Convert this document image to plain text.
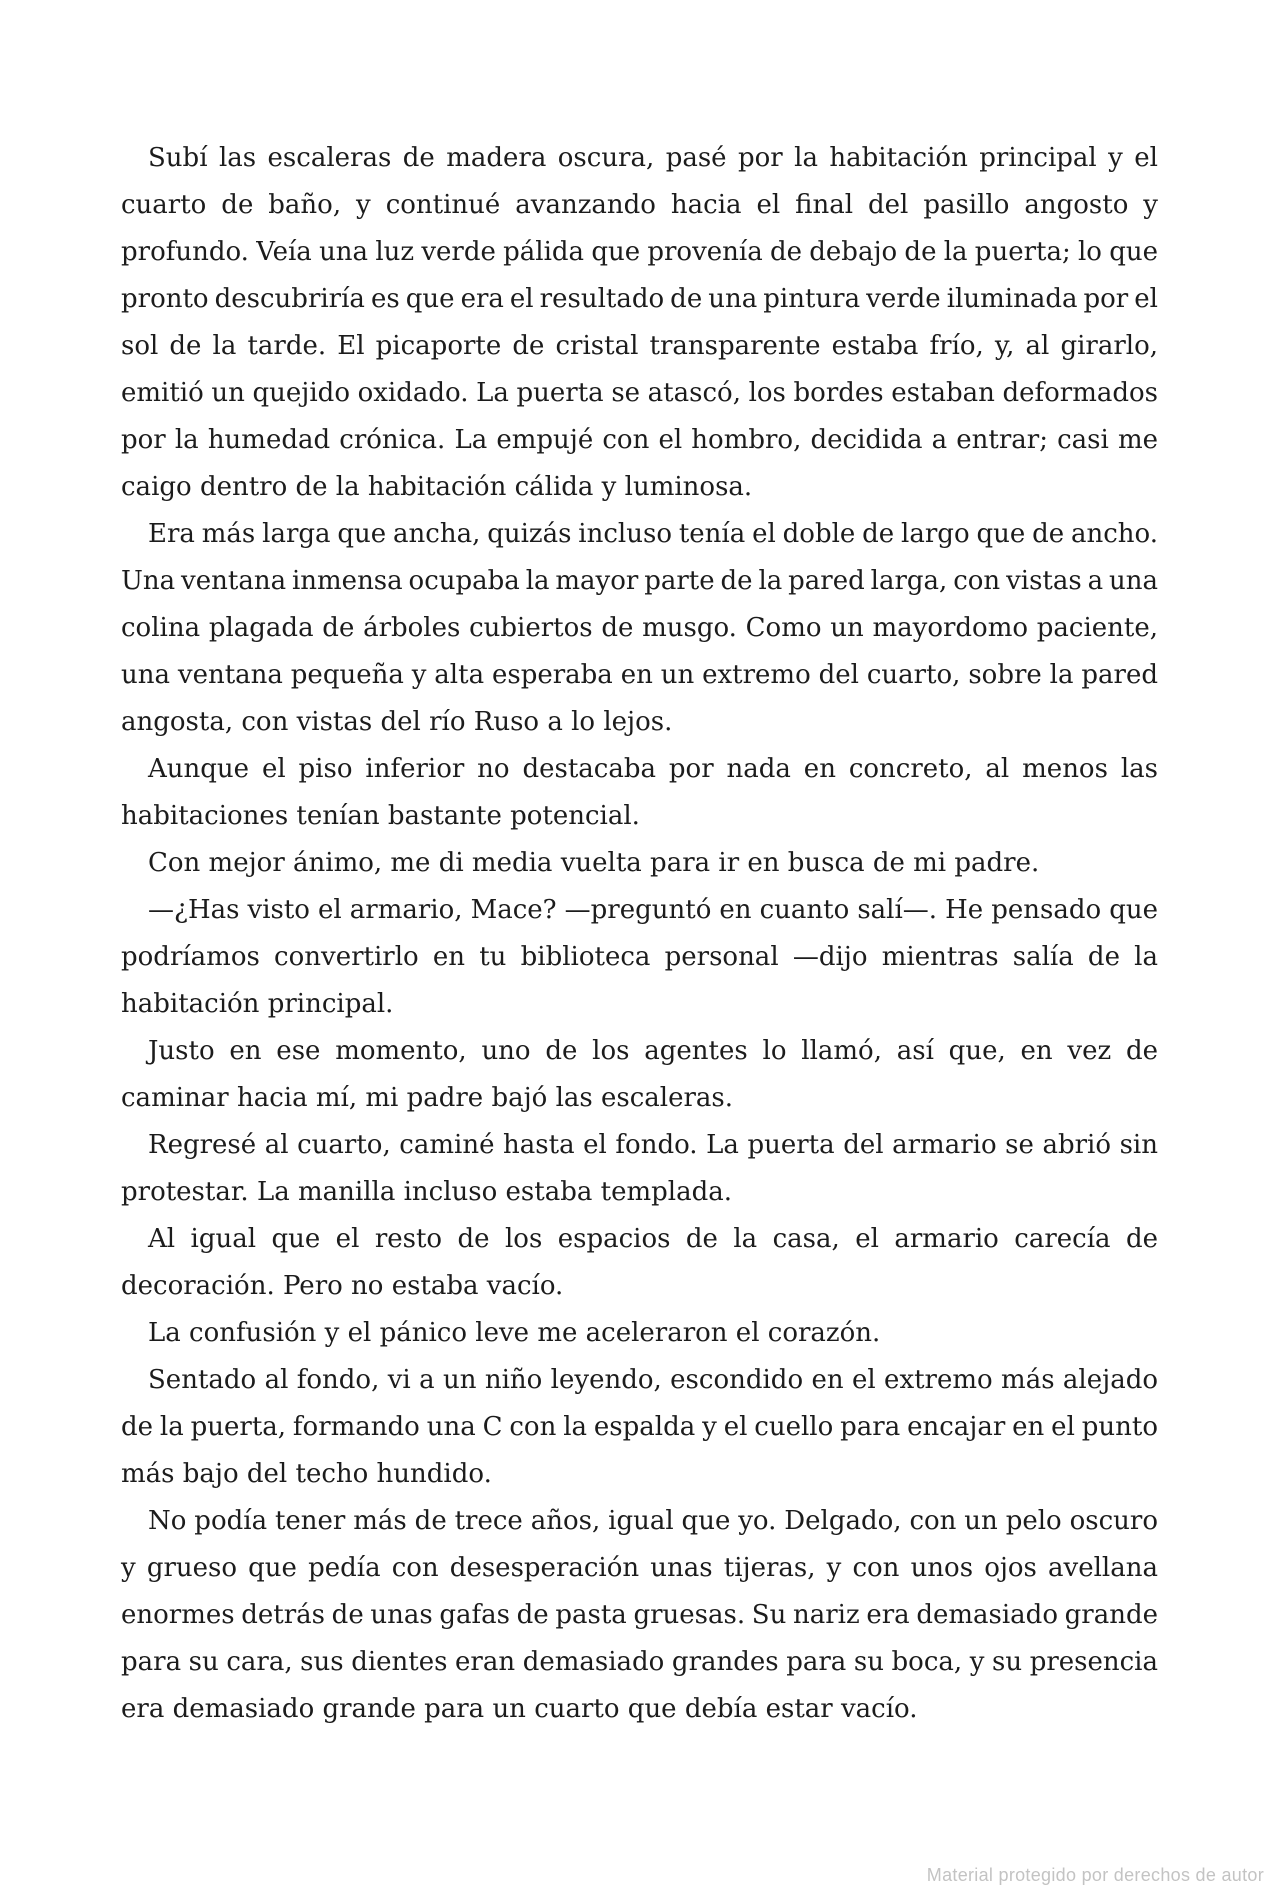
Subí las escaleras de madera oscura, pasé por la habitación principal y el
cuarto de baño, y continué avanzando hacia el final del pasillo angosto y
profundo. Veía una luz verde pálida que provenía de debajo de la puerta; lo que
pronto descubriría es que era el resultado de una pintura verde iluminada por el
sol de la tarde. El picaporte de cristal transparente estaba frío, y, al girarlo,
emitió un quejido oxidado. La puerta se atascó, los bordes estaban deformados
por la humedad crónica. La empujé con el hombro, decidida a entrar; casi me
caigo dentro de la habitación cálida y luminosa.
Era más larga que ancha, quizás incluso tenía el doble de largo que de ancho.
Una ventana inmensa ocupaba la mayor parte de la pared larga, con vistas a una
colina plagada de árboles cubiertos de musgo. Como un mayordomo paciente,
una ventana pequeña y alta esperaba en un extremo del cuarto, sobre la pared
angosta, con vistas del río Ruso a lo lejos.
Aunque el piso inferior no destacaba por nada en concreto, al menos las
habitaciones tenían bastante potencial.
Con mejor ánimo, me di media vuelta para ir en busca de mi padre.
—¿Has visto el armario, Mace? —preguntó en cuanto salí—. He pensado que
podríamos convertirlo en tu biblioteca personal —dijo mientras salía de la
habitación principal.
Justo en ese momento, uno de los agentes lo llamó, así que, en vez de
caminar hacia mí, mi padre bajó las escaleras.
Regresé al cuarto, caminé hasta el fondo. La puerta del armario se abrió sin
protestar. La manilla incluso estaba templada.
Al igual que el resto de los espacios de la casa, el armario carecía de
decoración. Pero no estaba vacío.
La confusión y el pánico leve me aceleraron el corazón.
Sentado al fondo, vi a un niño leyendo, escondido en el extremo más alejado
de la puerta, formando una C con la espalda y el cuello para encajar en el punto
más bajo del techo hundido.
No podía tener más de trece años, igual que yo. Delgado, con un pelo oscuro
y grueso que pedía con desesperación unas tijeras, y con unos ojos avellana
enormes detrás de unas gafas de pasta gruesas. Su nariz era demasiado grande
para su cara, sus dientes eran demasiado grandes para su boca, y su presencia
era demasiado grande para un cuarto que debía estar vacío.
Material protegido por derechos de autor
